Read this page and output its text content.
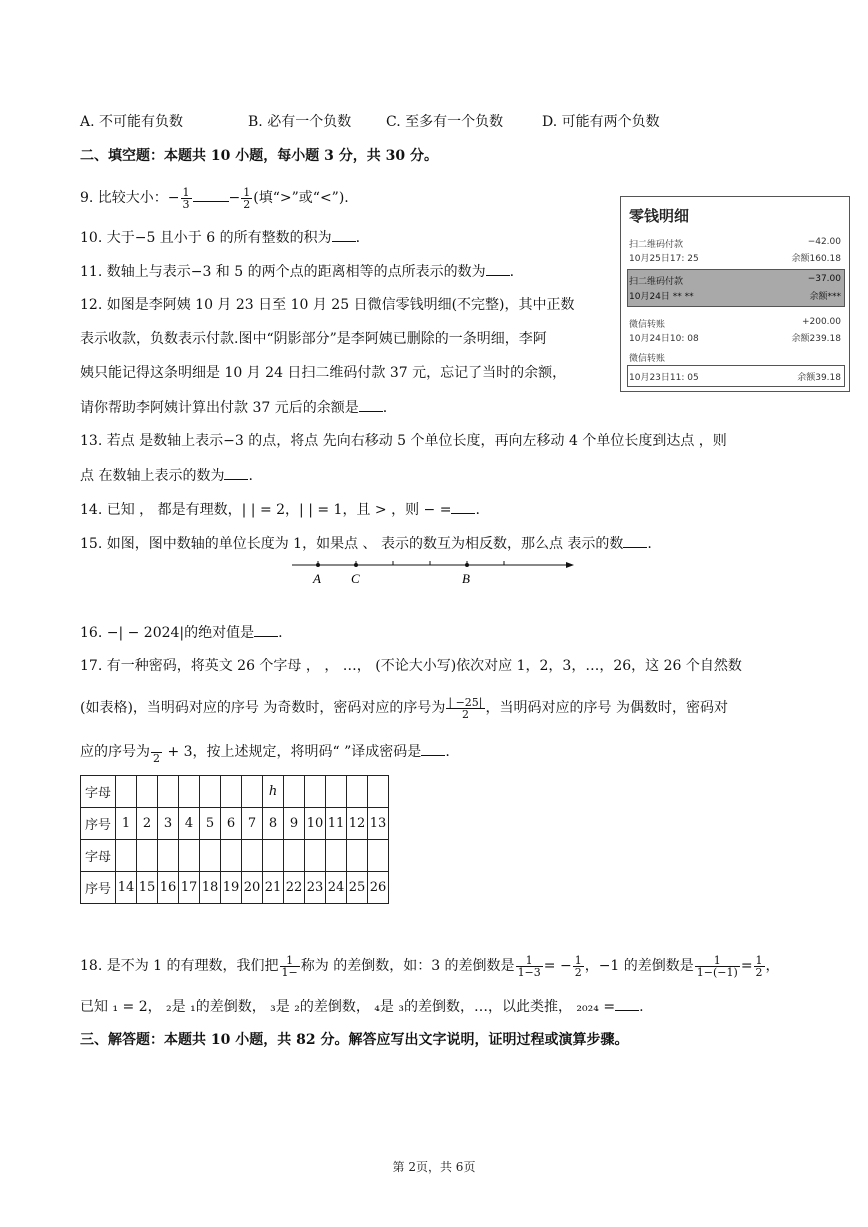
A. 不可能有负数	B. 必有一个负数 C. 至多有一个负数	D. 可能有两个负数
二、填空题：本题共 10 小题，每小题 3 分，共 30 分。
9. 比较大小：− $\frac{1}{3}$	− $\frac{1}{2}$ (填“>”或“<”).
10. 大于−5 且小于 6 的所有整数的积为 .
11. 数轴上与表示−3 和 5 的两个点的距离相等的点所表示的数为 .
12. 如图是李阿姨 10 月 23 日至 10 月 25 日微信零钱明细(不完整)，其中正数
表示收款，负数表示付款.图中“阴影部分”是李阿姨已删除的一条明细，李阿
姨只能记得这条明细是 10 月 24 日扫二维码付款 37 元，忘记了当时的余额，
请你帮助李阿姨计算出付款 37 元后的余额是 .
零钱明细
扫二维码付款	−42.00
10月25日17: 25	余额160.18
扫二维码付款	−37.00
10月24日 ** **	余额***
微信转账	+200.00
10月24日10: 08	余额239.18
微信转账
10月23日11: 05	余额39.18
13. 若点 是数轴上表示−3 的点，将点 先向右移动 5 个单位长度，再向左移动 4 个单位长度到达点 ，则
点 在数轴上表示的数为 .
14. 已知 ， 都是有理数，| | = 2，| | = 1，且 > ，则 − = .
15. 如图，图中数轴的单位长度为 1，如果点 、 表示的数互为相反数，那么点 表示的数 .
A C	B
16. −| − 2024|的绝对值是 .
17. 有一种密码，将英文 26 个字母 ， ， …， (不论大小写)依次对应 1，2，3，…，26，这 26 个自然数
(如表格)，当明码对应的序号 为奇数时，密码对应的序号为 $\frac{| -25|}{2}$ ，当明码对应的序号 为偶数时，密码对
应的序号为
2 + 3，按上述规定，将明码“ ”译成密码是 .
字母								h					
序号	1	2	3	4	5	6	7	8	9	10	11	12	13
字母													
序号	14	15	16	17	18	19	20	21	22	23	24	25	26
18. 是不为 1 的有理数，我们把 $\frac{1}{1-}$ 称为 的差倒数，如：3 的差倒数是 $\frac{1}{1-3}$ = − $\frac{1}{2}$ ，−1 的差倒数是 $\frac{1}{1-(-1)} = \frac{1}{2}$ ，
已知 ₁ = 2， ₂是 ₁的差倒数， ₃是 ₂的差倒数， ₄是 ₃的差倒数，…，以此类推， ₂₀₂₄ = .
三、解答题：本题共 10 小题，共 82 分。解答应写出文字说明，证明过程或演算步骤。
第 2页，共 6页
